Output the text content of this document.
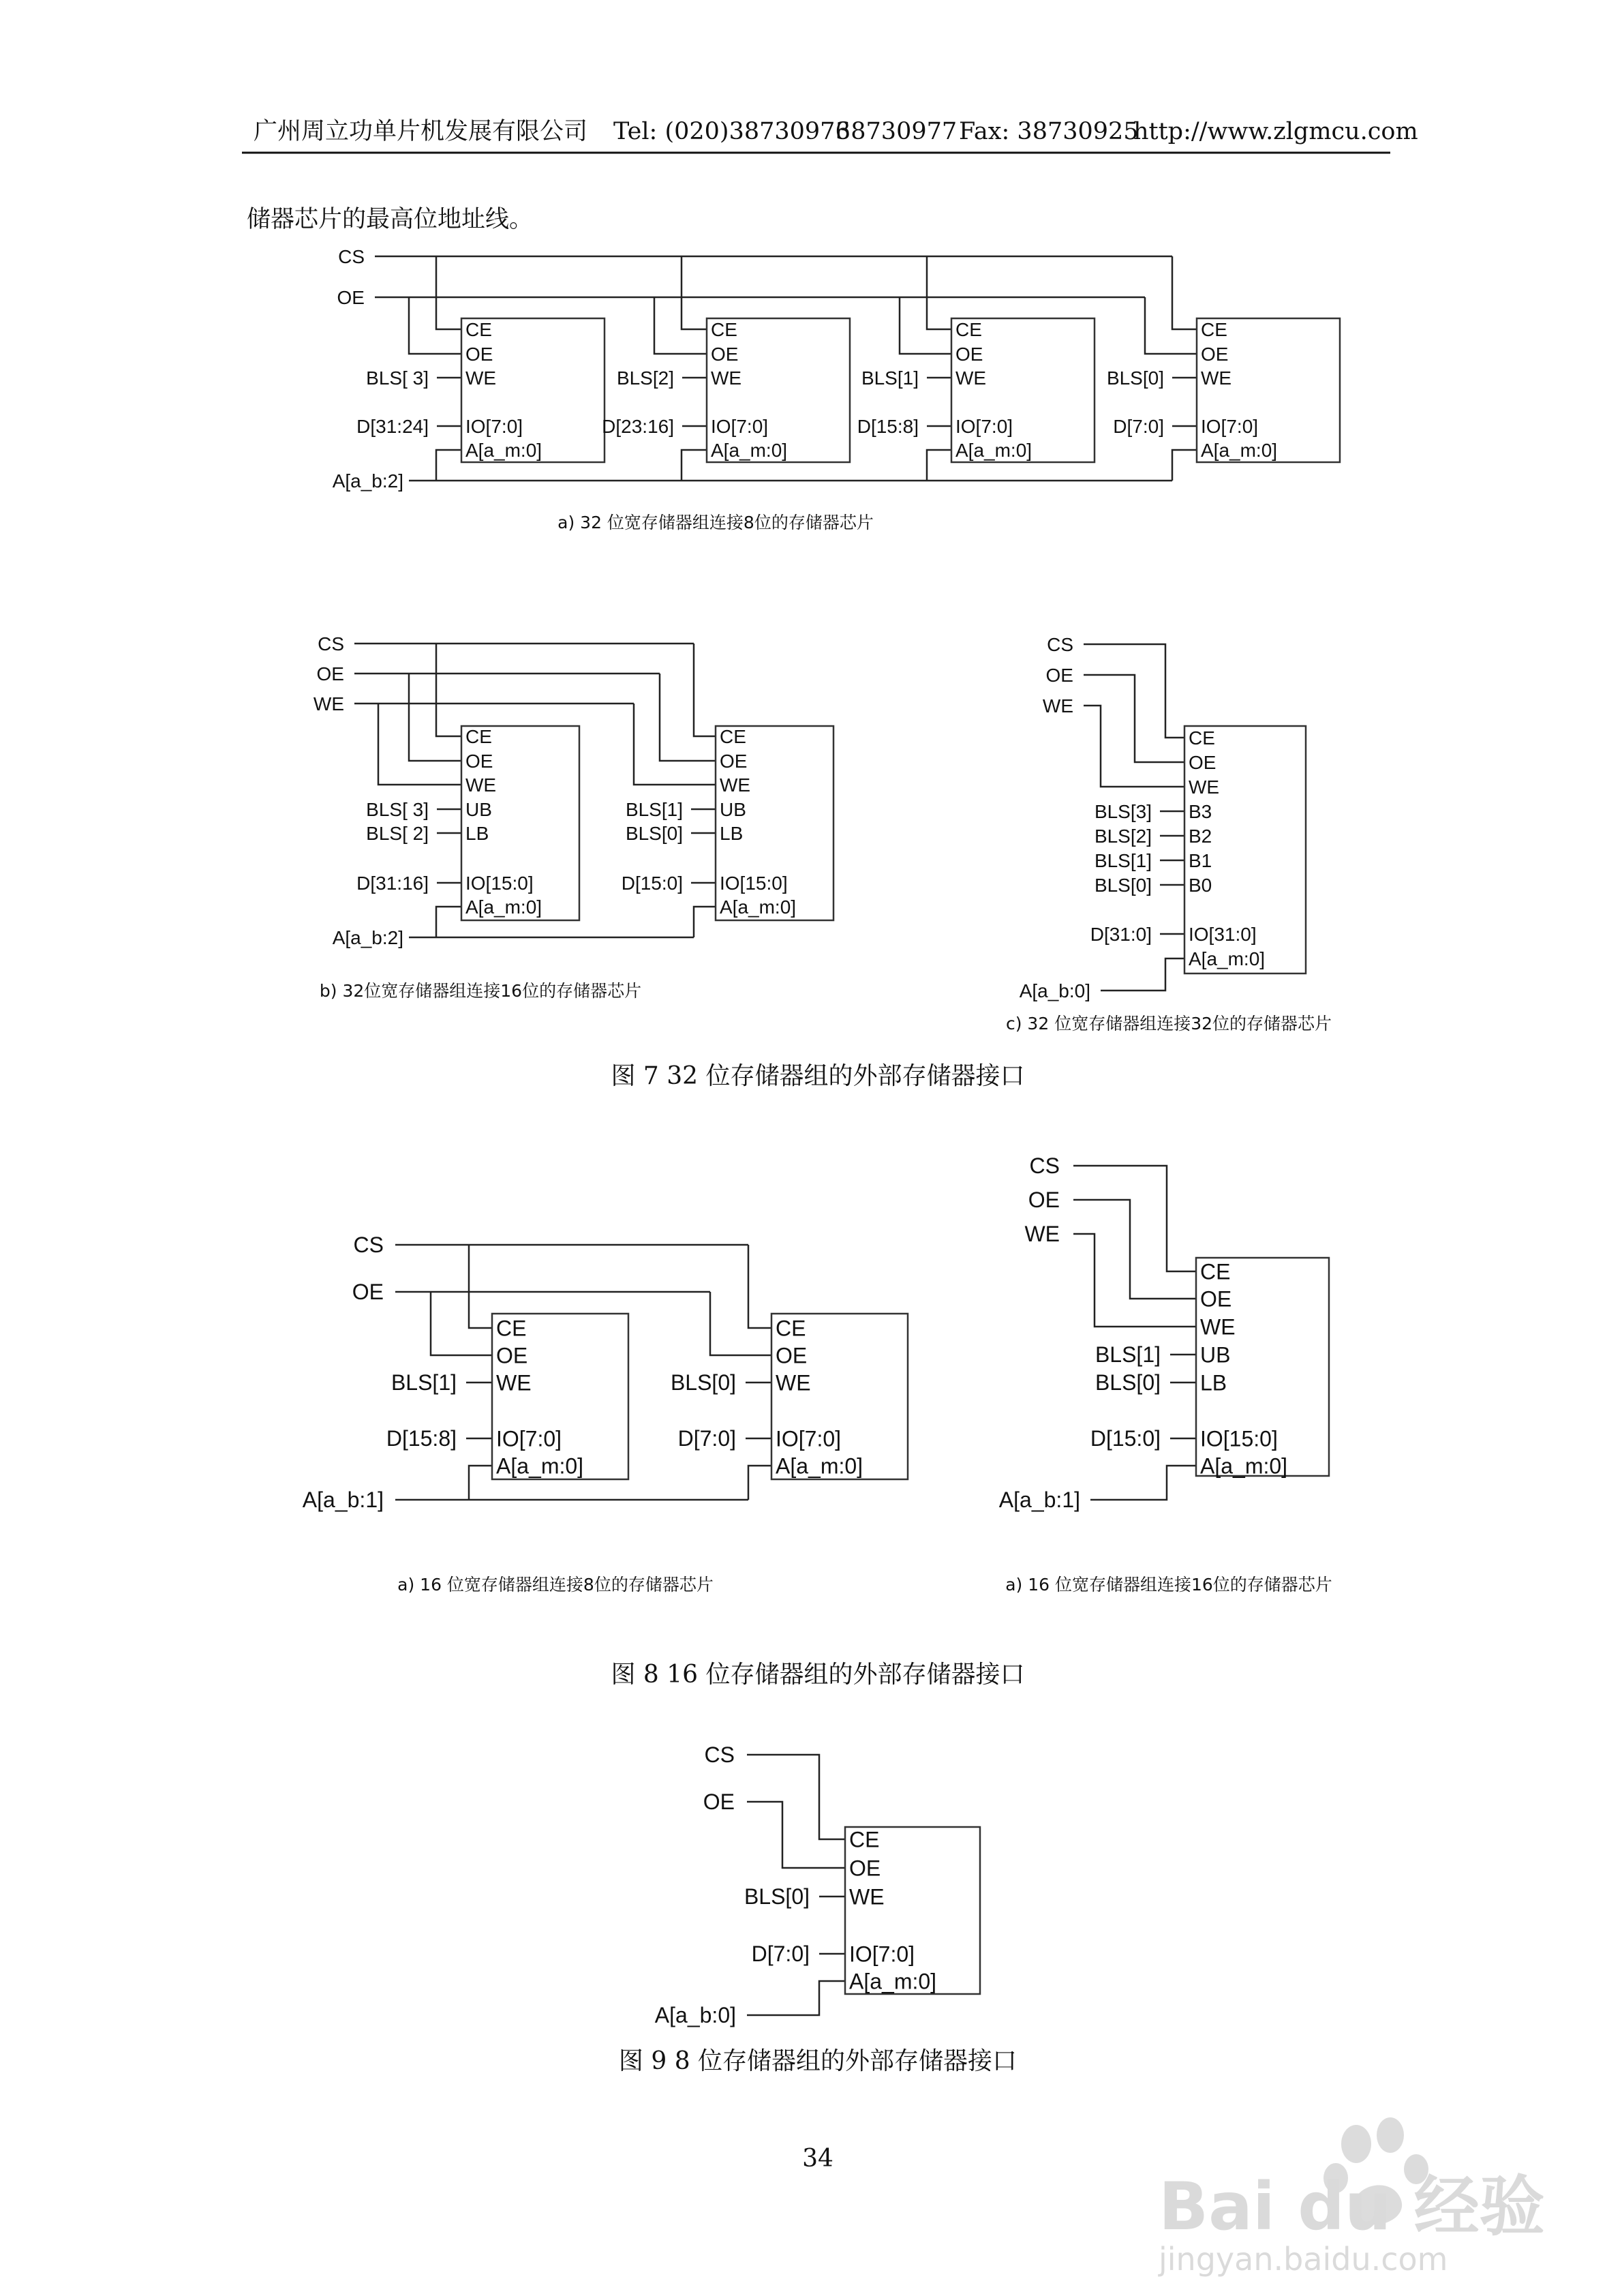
广州周立功单片机发展有限公司 Tel: (020)38730976
38730977 Fax: 38730925
http://www.zlgmcu.com
储器芯片的最高位地址线。
CS
OE
A[a_b:2]
BLS[ 3]
D[31:24]
CE
OE
WE
IO[7:0]
A[a_m:0]
BLS[2]
D[23:16]
CE
OE
WE
IO[7:0]
A[a_m:0]
BLS[1]
D[15:8]
CE
OE
WE
IO[7:0]
A[a_m:0]
BLS[0]
D[7:0]
CE
OE
WE
IO[7:0]
A[a_m:0]
CS
OE
WE
A[a_b:2]
BLS[ 3]
BLS[ 2]
D[31:16]
CE
OE
WE
UB
LB
IO[15:0]
A[a_m:0]
BLS[1]
BLS[0]
D[15:0]
CE
OE
WE
UB
LB
IO[15:0]
A[a_m:0]
CS
OE
WE
A[a_b:0]
BLS[3]
BLS[2]
BLS[1]
BLS[0]
D[31:0]
CE
OE
WE
B3
B2
B1
B0
IO[31:0]
A[a_m:0]
CS
OE
A[a_b:1]
BLS[1]
D[15:8]
CE
OE
WE
IO[7:0]
A[a_m:0]
BLS[0]
D[7:0]
CE
OE
WE
IO[7:0]
A[a_m:0]
CS
OE
WE
A[a_b:1]
BLS[1]
BLS[0]
D[15:0]
CE
OE
WE
UB
LB
IO[15:0]
A[a_m:0]
CS
OE
A[a_b:0]
BLS[0]
D[7:0]
CE
OE
WE
IO[7:0]
A[a_m:0]
a) 32 位宽存储器组连接8位的存储器芯片
b) 32位宽存储器组连接16位的存储器芯片
c) 32 位宽存储器组连接32位的存储器芯片
图 7 32 位存储器组的外部存储器接口
a) 16 位宽存储器组连接8位的存储器芯片	a) 16 位宽存储器组连接16位的存储器芯片
图 8 16 位存储器组的外部存储器接口
图 9 8 位存储器组的外部存储器接口
34
Bai du 经验
jingyan.baidu.com
